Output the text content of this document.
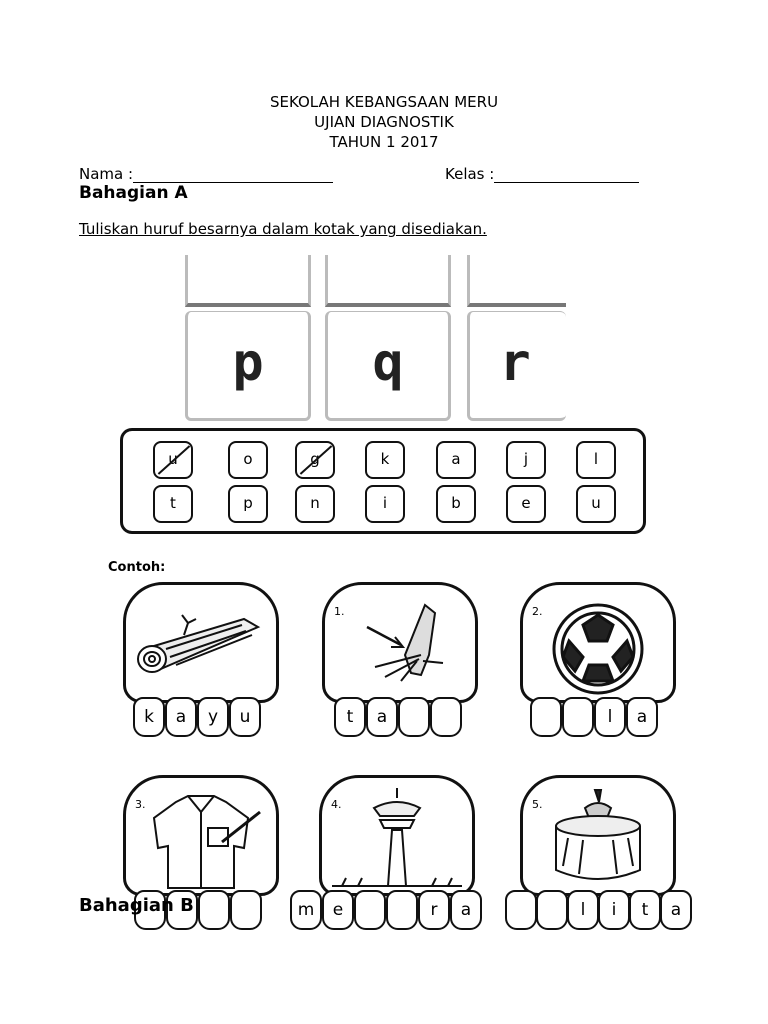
SEKOLAH KEBANGSAAN MERU
UJIAN DIAGNOSTIK
TAHUN 1 2017
Nama :	Kelas :
Bahagian A
Tuliskan huruf besarnya dalam kotak yang disediakan.
p	q	r
u	o	g	k	a	j	l
t	p	n	i	b	e	u
Contoh:
k	a	y	u
1.
t	a
2.
l	a
3.	4.
m	e	r	a
5.
l	i	t	a
Bahagian B
